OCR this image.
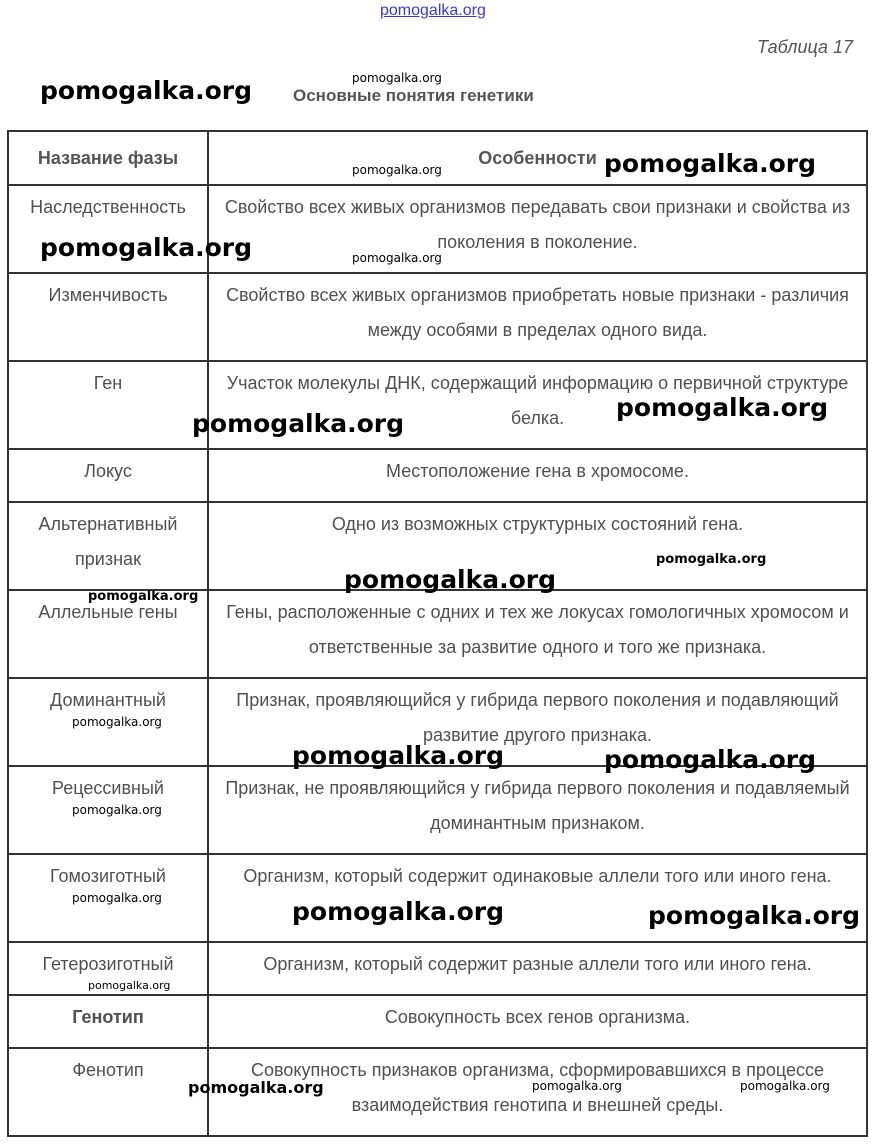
pomogalka.org
Таблица 17
Основные понятия генетики
Название фазы	Особенности
Наследственность	Свойство всех живых организмов передавать свои признаки и свойства из поколения в поколение.
Изменчивость	Свойство всех живых организмов приобретать новые признаки - различия между особями в пределах одного вида.
Ген	Участок молекулы ДНК, содержащий информацию о первичной структуре белка.
Локус	Местоположение гена в хромосоме.
Альтернативный признак	Одно из возможных структурных состояний гена.
Аллельные гены	Гены, расположенные с одних и тех же локусах гомологичных хромосом и ответственные за развитие одного и того же признака.
Доминантный	Признак, проявляющийся у гибрида первого поколения и подавляющий развитие другого признака.
Рецессивный	Признак, не проявляющийся у гибрида первого поколения и подавляемый доминантным признаком.
Гомозиготный	Организм, который содержит одинаковые аллели того или иного гена.
Гетерозиготный	Организм, который содержит разные аллели того или иного гена.
Генотип	Совокупность всех генов организма.
Фенотип	Совокупность признаков организма, сформировавшихся в процессе взаимодействия генотипа и внешней среды.
pomogalka.org	pomogalka.org
pomogalka.org	pomogalka.org
pomogalka.org	pomogalka.org
pomogalka.org
pomogalka.org
pomogalka.org
pomogalka.org
pomogalka.org
pomogalka.org
pomogalka.org	pomogalka.org
pomogalka.org
pomogalka.org	pomogalka.org	pomogalka.org
pomogalka.org
pomogalka.org	pomogalka.org	pomogalka.org
